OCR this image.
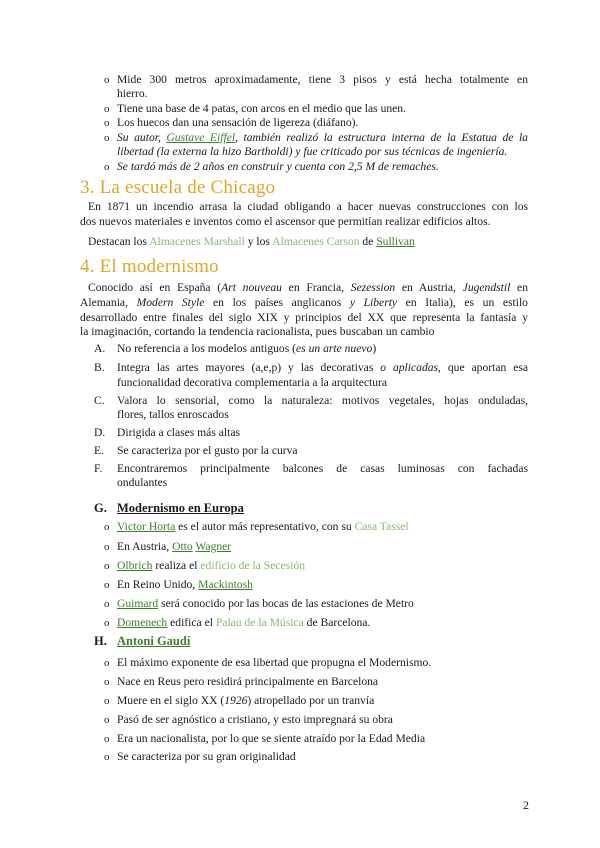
o Mide 300 metros aproximadamente, tiene 3 pisos y está hecha totalmente en
hierro.
o Tiene una base de 4 patas, con arcos en el medio que las unen.
o Los huecos dan una sensación de ligereza (diáfano).
o Su autor, Gustave Eiffel, también realizó la estructura interna de la Estatua de la
libertad (la externa la hizo Bartholdi) y fue criticado por sus técnicas de ingeniería.
o Se tardó más de 2 años en construir y cuenta con 2,5 M de remaches.
3. La escuela de Chicago
En 1871 un incendio arrasa la ciudad obligando a hacer nuevas construcciones con los
dos nuevos materiales e inventos como el ascensor que permitían realizar edificios altos.
Destacan los Almacenes Marshall y los Almacenes Carson de Sullivan
4. El modernismo
Conocido así en España (Art nouveau en Francia, Sezession en Austria, Jugendstil en
Alemania, Modern Style en los países anglicanos y Liberty en Italia), es un estilo
desarrollado entre finales del siglo XIX y principios del XX que representa la fantasía y
la imaginación, cortando la tendencia racionalista, pues buscaban un cambio
A. No referencia a los modelos antiguos (es un arte nuevo)
B. Integra las artes mayores (a,e,p) y las decorativas o aplicadas, que aportan esa
funcionalidad decorativa complementaria a la arquitectura
C. Valora lo sensorial, como la naturaleza: motivos vegetales, hojas onduladas,
flores, tallos enroscados
D. Dirigida a clases más altas
E. Se caracteriza por el gusto por la curva
F. Encontraremos principalmente balcones de casas luminosas con fachadas
ondulantes
G. Modernismo en Europa
o Victor Horta es el autor más representativo, con su Casa Tassel
o En Austria, Otto Wagner
o Olbrich realiza el edificio de la Secesión
o En Reino Unido, Mackintosh
o Guimard será conocido por las bocas de las estaciones de Metro
o Domenech edifica el Palau de la Música de Barcelona.
H. Antoni Gaudí
o El máximo exponente de esa libertad que propugna el Modernismo.
o Nace en Reus pero residirá principalmente en Barcelona
o Muere en el siglo XX (1926) atropellado por un tranvía
o Pasó de ser agnóstico a cristiano, y esto impregnará su obra
o Era un nacionalista, por lo que se siente atraído por la Edad Media
o Se caracteriza por su gran originalidad
2
